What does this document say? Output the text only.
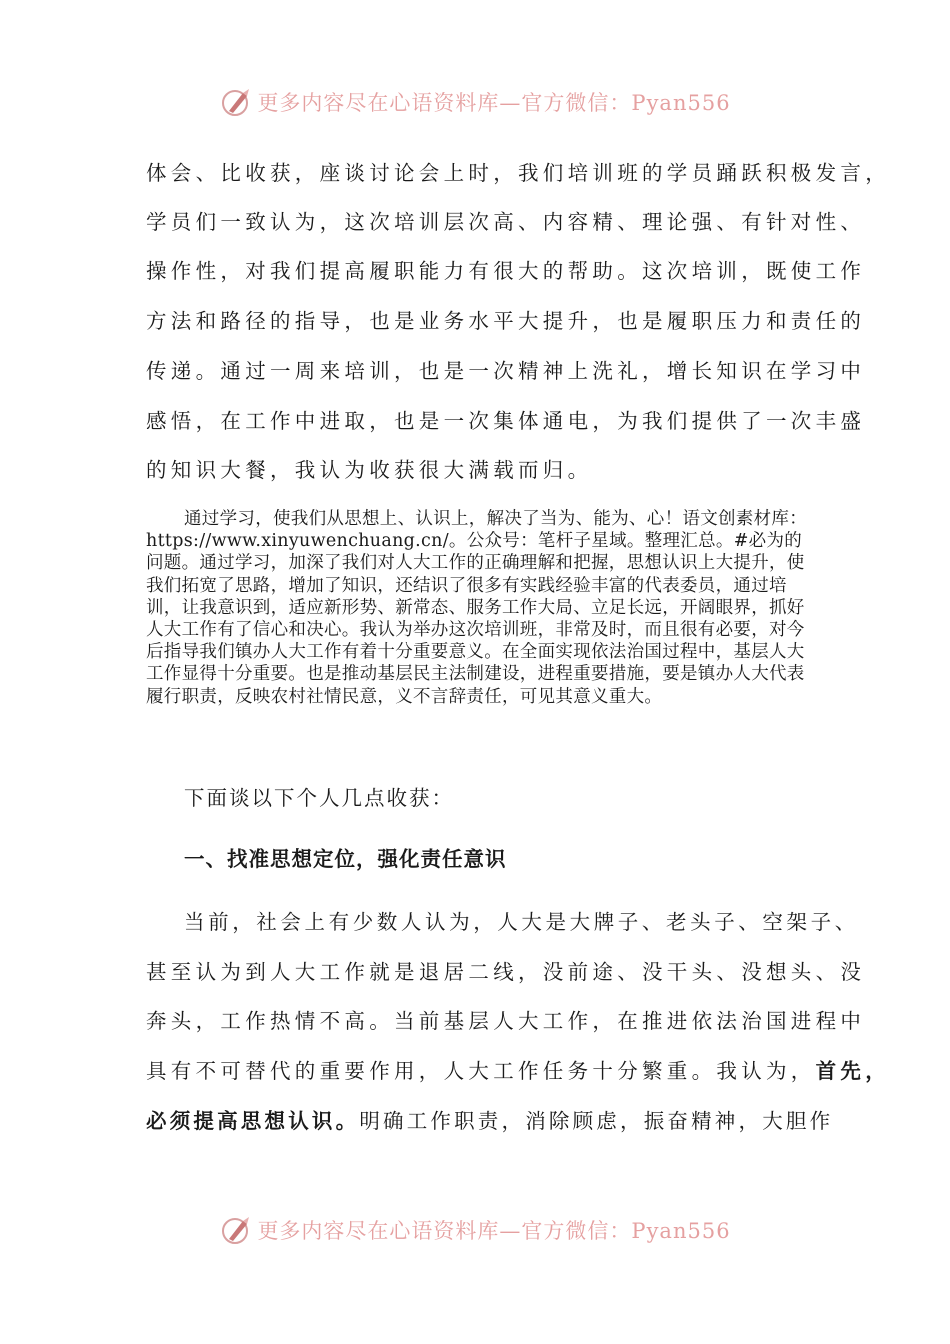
更多内容尽在心语资料库—官方微信：Pyan556
体会、比收获，座谈讨论会上时，我们培训班的学员踊跃积极发言，
学员们一致认为，这次培训层次高、内容精、理论强、有针对性、
操作性，对我们提高履职能力有很大的帮助。这次培训，既使工作
方法和路径的指导，也是业务水平大提升，也是履职压力和责任的
传递。通过一周来培训，也是一次精神上洗礼，增长知识在学习中
感悟，在工作中进取，也是一次集体通电，为我们提供了一次丰盛
的知识大餐，我认为收获很大满载而归。
通过学习，使我们从思想上、认识上，解决了当为、能为、心！语文创素材库：https://www.xinyuwenchuang.cn/。公众号：笔杆子星域。整理汇总。#必为的问题。通过学习，加深了我们对人大工作的正确理解和把握，思想认识上大提升，使我们拓宽了思路，增加了知识，还结识了很多有实践经验丰富的代表委员，通过培训，让我意识到，适应新形势、新常态、服务工作大局、立足长远，开阔眼界，抓好人大工作有了信心和决心。我认为举办这次培训班，非常及时，而且很有必要，对今后指导我们镇办人大工作有着十分重要意义。在全面实现依法治国过程中，基层人大工作显得十分重要。也是推动基层民主法制建设，进程重要措施，要是镇办人大代表履行职责，反映农村社情民意，义不言辞责任，可见其意义重大。
下面谈以下个人几点收获：
一、找准思想定位，强化责任意识
当前，社会上有少数人认为，人大是大牌子、老头子、空架子、
甚至认为到人大工作就是退居二线，没前途、没干头、没想头、没
奔头，工作热情不高。当前基层人大工作，在推进依法治国进程中
具有不可替代的重要作用，人大工作任务十分繁重。我认为，首先，
必须提高思想认识。明确工作职责，消除顾虑，振奋精神，大胆作
更多内容尽在心语资料库—官方微信：Pyan556
